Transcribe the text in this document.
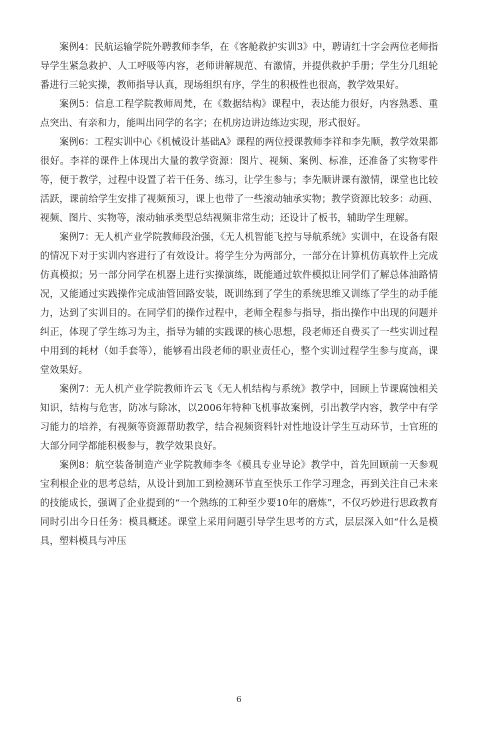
案例4：民航运输学院外聘教师李华，在《客舱救护实训3》中，聘请红十字会两位老师指导学生紧急救护、人工呼吸等内容，老师讲解规范、有激情，并提供救护手册；学生分几组轮番进行三轮实操，教师指导认真，现场组织有序，学生的积极性也很高，教学效果好。

案例5：信息工程学院教师周梵，在《数据结构》课程中，表达能力很好，内容熟悉、重点突出、有亲和力，能叫出同学的名字；在机房边讲边练边实现，形式很好。

案例6：工程实训中心《机械设计基础A》课程的两位授课教师李祥和李先顺，教学效果都很好。李祥的课件上体现出大量的教学资源：图片、视频、案例、标准，还准备了实物零件等，便于教学，过程中设置了若干任务、练习，让学生参与；李先顺讲课有激情，课堂也比较活跃，课前给学生安排了视频预习，课上也带了一些滚动轴承实物；教学资源比较多：动画、视频、图片、实物等，滚动轴承类型总结视频非常生动；还设计了板书，辅助学生理解。

案例7：无人机产业学院教师段治强，《无人机智能飞控与导航系统》实训中，在设备有限的情况下对于实训内容进行了有效设计。将学生分为两部分，一部分在计算机仿真软件上完成仿真模拟；另一部分同学在机器上进行实操演练，既能通过软件模拟让同学们了解总体油路情况，又能通过实践操作完成油管回路安装，既训练到了学生的系统思维又训练了学生的动手能力，达到了实训目的。在同学们的操作过程中，老师全程参与指导，指出操作中出现的问题并纠正，体现了学生练习为主，指导为辅的实践课的核心思想，段老师还自费买了一些实训过程中用到的耗材（如手套等），能够看出段老师的职业责任心，整个实训过程学生参与度高，课堂效果好。

案例7：无人机产业学院教师许云飞《无人机结构与系统》教学中，回顾上节课腐蚀相关知识，结构与危害，防冰与除冰，以2006年特种飞机事故案例，引出教学内容，教学中有学习能力的培养，有视频等资源帮助教学，结合视频资料针对性地设计学生互动环节，士官班的大部分同学都能积极参与，教学效果良好。

案例8：航空装备制造产业学院教师李冬《模具专业导论》教学中，首先回顾前一天参观宝利根企业的思考总结，从设计到加工到检测环节直至快乐工作学习理念，再到关注自己未来的技能成长，强调了企业提到的“一个熟练的工种至少要10年的磨炼”，不仅巧妙进行思政教育同时引出今日任务：模具概述。课堂上采用问题引导学生思考的方式，层层深入如“什么是模具，塑料模具与冲压

6
